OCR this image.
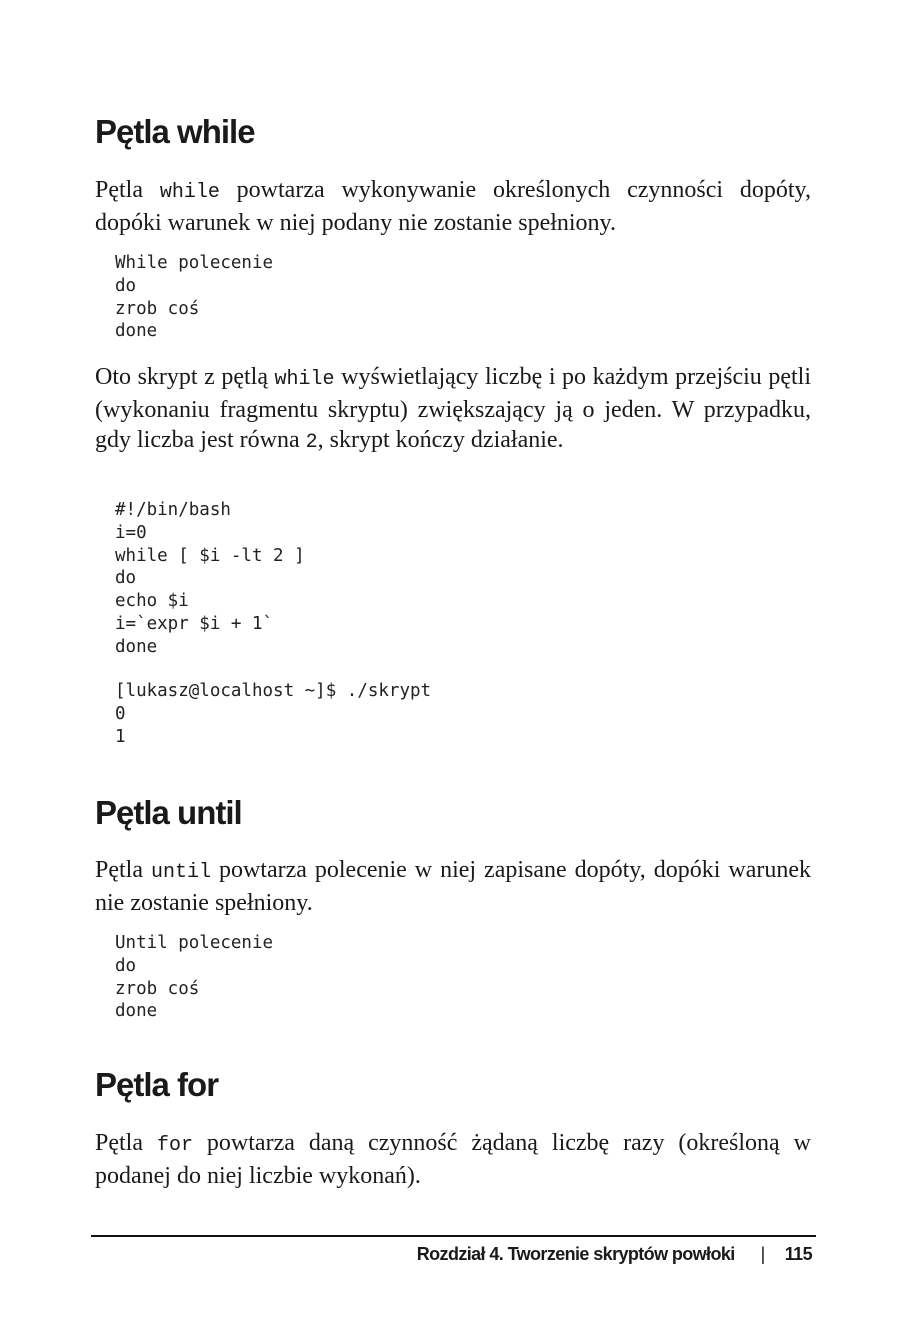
Pętla while

Pętla while powtarza wykonywanie określonych czynności dopóty, dopóki warunek w niej podany nie zostanie spełniony.

While polecenie
do
zrob coś
done

Oto skrypt z pętlą while wyświetlający liczbę i po każdym przejściu pętli (wykonaniu fragmentu skryptu) zwiększający ją o jeden. W przypadku, gdy liczba jest równa 2, skrypt kończy działanie.

#!/bin/bash
i=0
while [ $i -lt 2 ]
do
echo $i
i=`expr $i + 1`
done
[lukasz@localhost ~]$ ./skrypt
0
1
Pętla until

Pętla until powtarza polecenie w niej zapisane dopóty, dopóki warunek nie zostanie spełniony.

Until polecenie
do
zrob coś
done
Pętla for

Pętla for powtarza daną czynność żądaną liczbę razy (określoną w podanej do niej liczbie wykonań).

Rozdział 4. Tworzenie skryptów powłoki | 115
